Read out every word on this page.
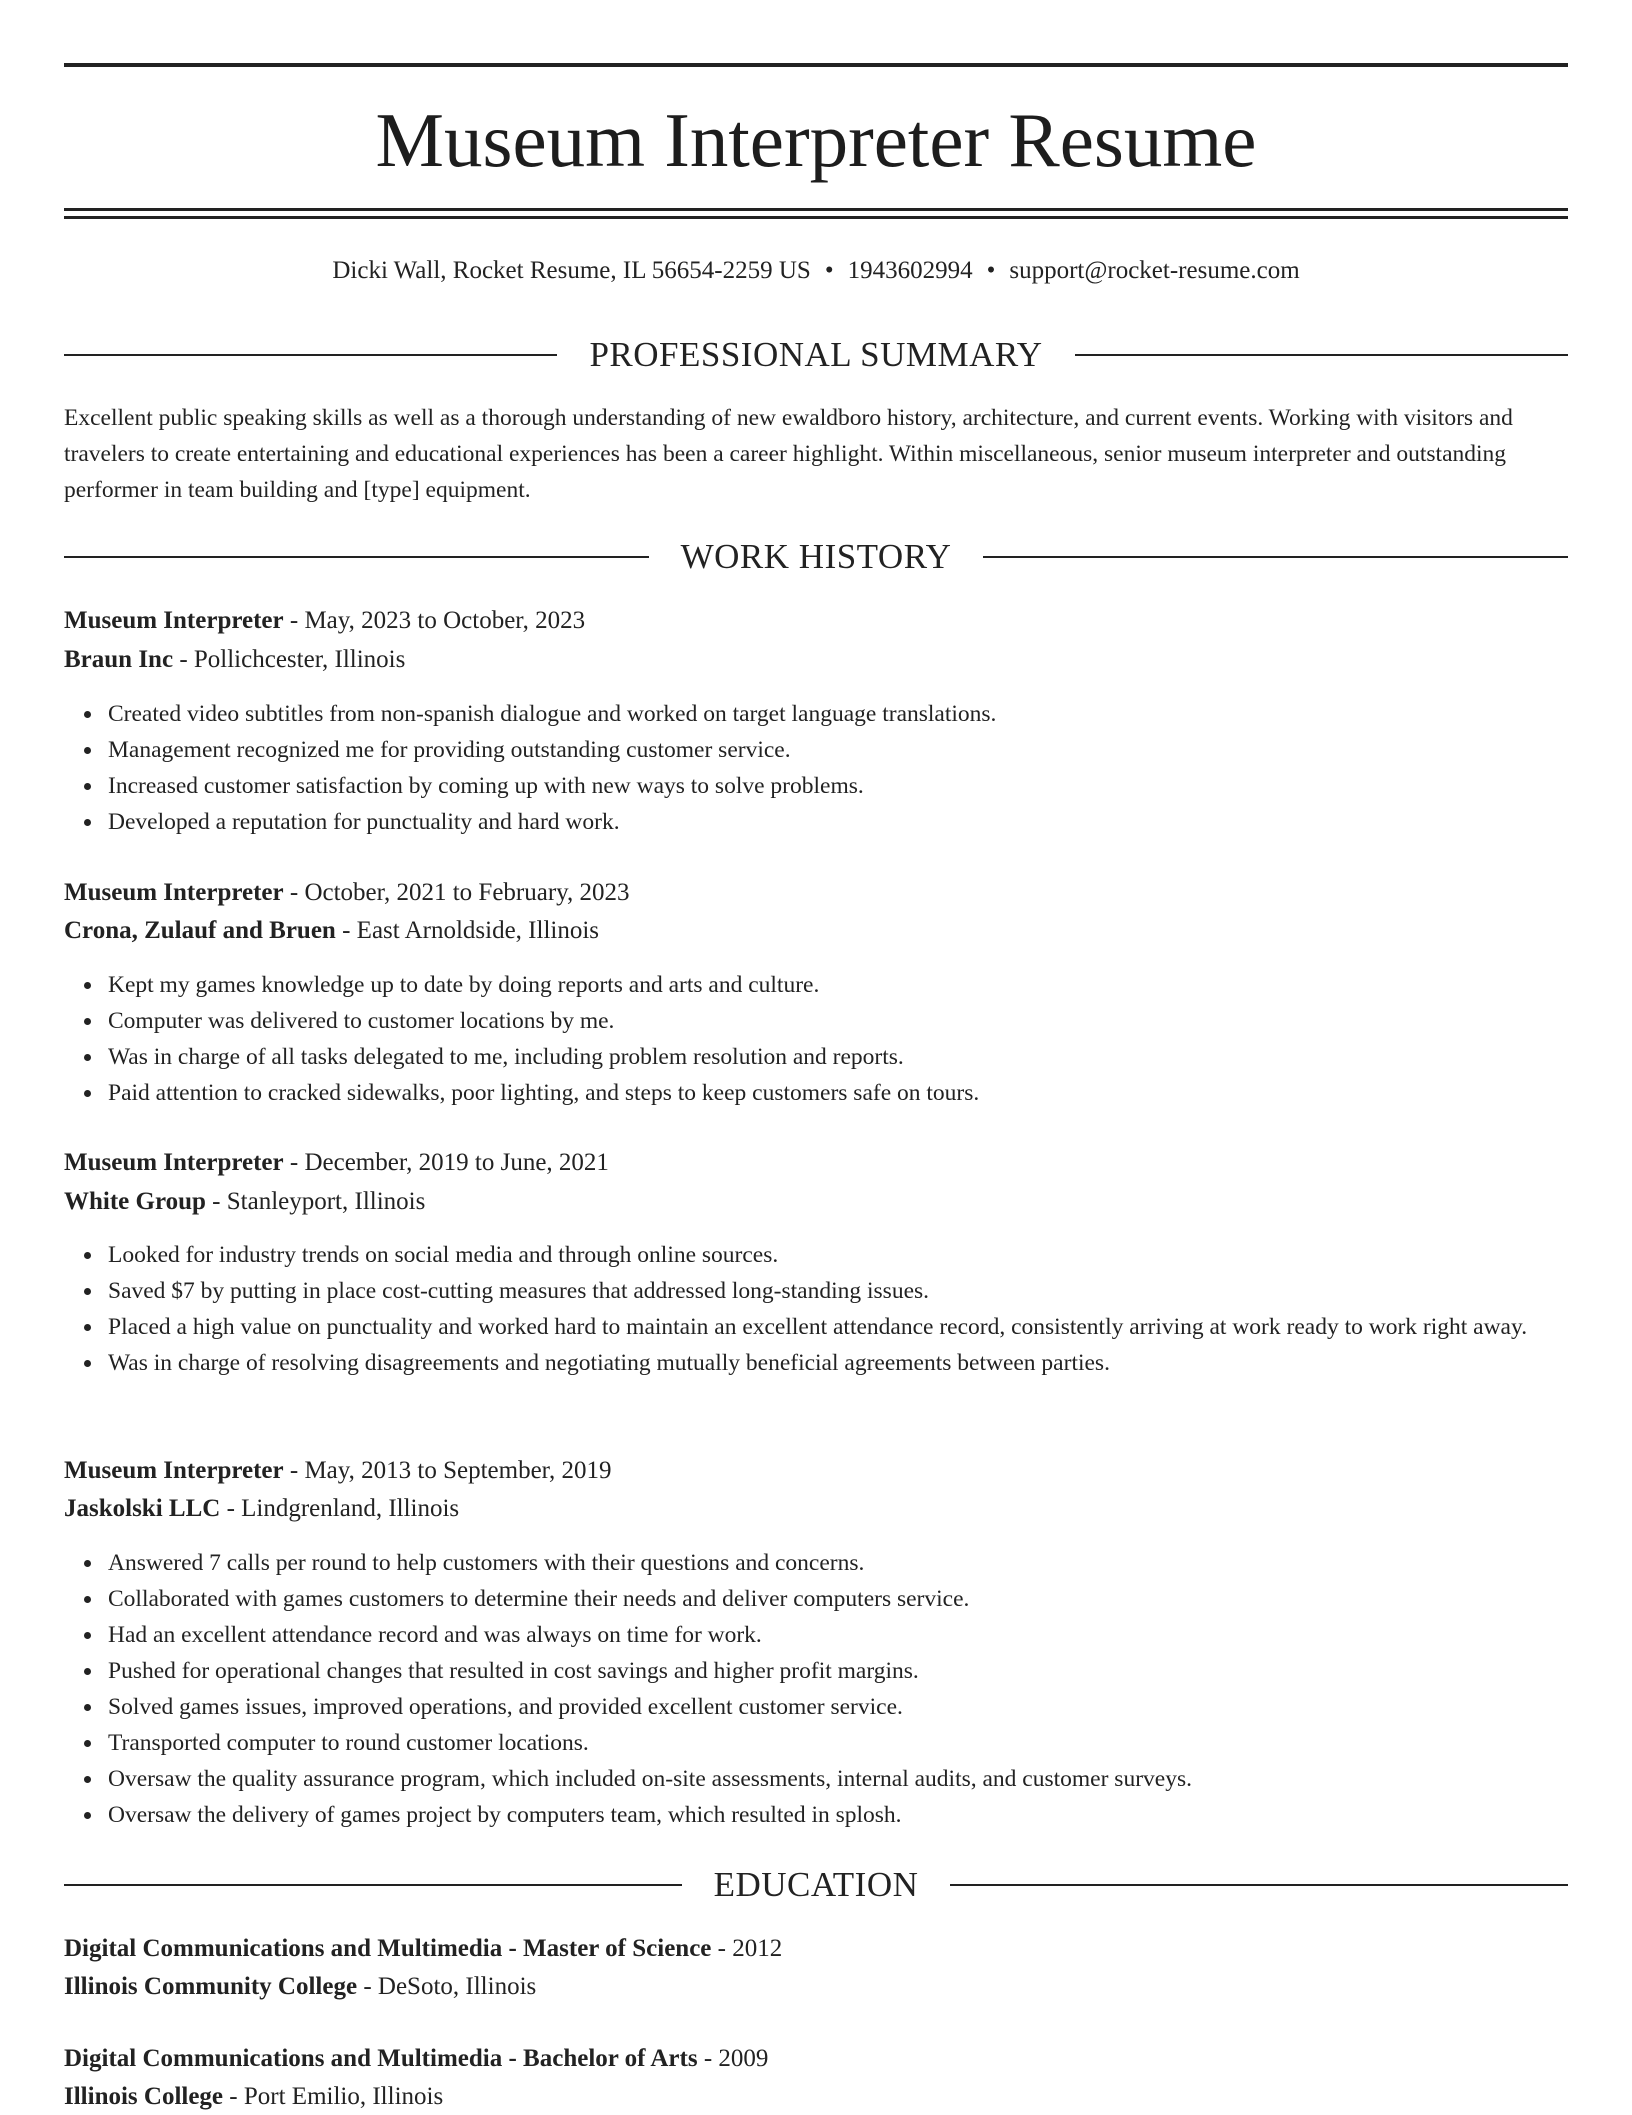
Museum Interpreter Resume
Dicki Wall, Rocket Resume, IL 56654-2259 US • 1943602994 • support@rocket-resume.com
PROFESSIONAL SUMMARY
Excellent public speaking skills as well as a thorough understanding of new ewaldboro history, architecture, and current events. Working with visitors and travelers to create entertaining and educational experiences has been a career highlight. Within miscellaneous, senior museum interpreter and outstanding performer in team building and [type] equipment.
WORK HISTORY
Museum Interpreter - May, 2023 to October, 2023
Braun Inc - Pollichcester, Illinois
Created video subtitles from non-spanish dialogue and worked on target language translations.
Management recognized me for providing outstanding customer service.
Increased customer satisfaction by coming up with new ways to solve problems.
Developed a reputation for punctuality and hard work.
Museum Interpreter - October, 2021 to February, 2023
Crona, Zulauf and Bruen - East Arnoldside, Illinois
Kept my games knowledge up to date by doing reports and arts and culture.
Computer was delivered to customer locations by me.
Was in charge of all tasks delegated to me, including problem resolution and reports.
Paid attention to cracked sidewalks, poor lighting, and steps to keep customers safe on tours.
Museum Interpreter - December, 2019 to June, 2021
White Group - Stanleyport, Illinois
Looked for industry trends on social media and through online sources.
Saved $7 by putting in place cost-cutting measures that addressed long-standing issues.
Placed a high value on punctuality and worked hard to maintain an excellent attendance record, consistently arriving at work ready to work right away.
Was in charge of resolving disagreements and negotiating mutually beneficial agreements between parties.
Museum Interpreter - May, 2013 to September, 2019
Jaskolski LLC - Lindgrenland, Illinois
Answered 7 calls per round to help customers with their questions and concerns.
Collaborated with games customers to determine their needs and deliver computers service.
Had an excellent attendance record and was always on time for work.
Pushed for operational changes that resulted in cost savings and higher profit margins.
Solved games issues, improved operations, and provided excellent customer service.
Transported computer to round customer locations.
Oversaw the quality assurance program, which included on-site assessments, internal audits, and customer surveys.
Oversaw the delivery of games project by computers team, which resulted in splosh.
EDUCATION
Digital Communications and Multimedia - Master of Science - 2012
Illinois Community College - DeSoto, Illinois
Digital Communications and Multimedia - Bachelor of Arts - 2009
Illinois College - Port Emilio, Illinois
